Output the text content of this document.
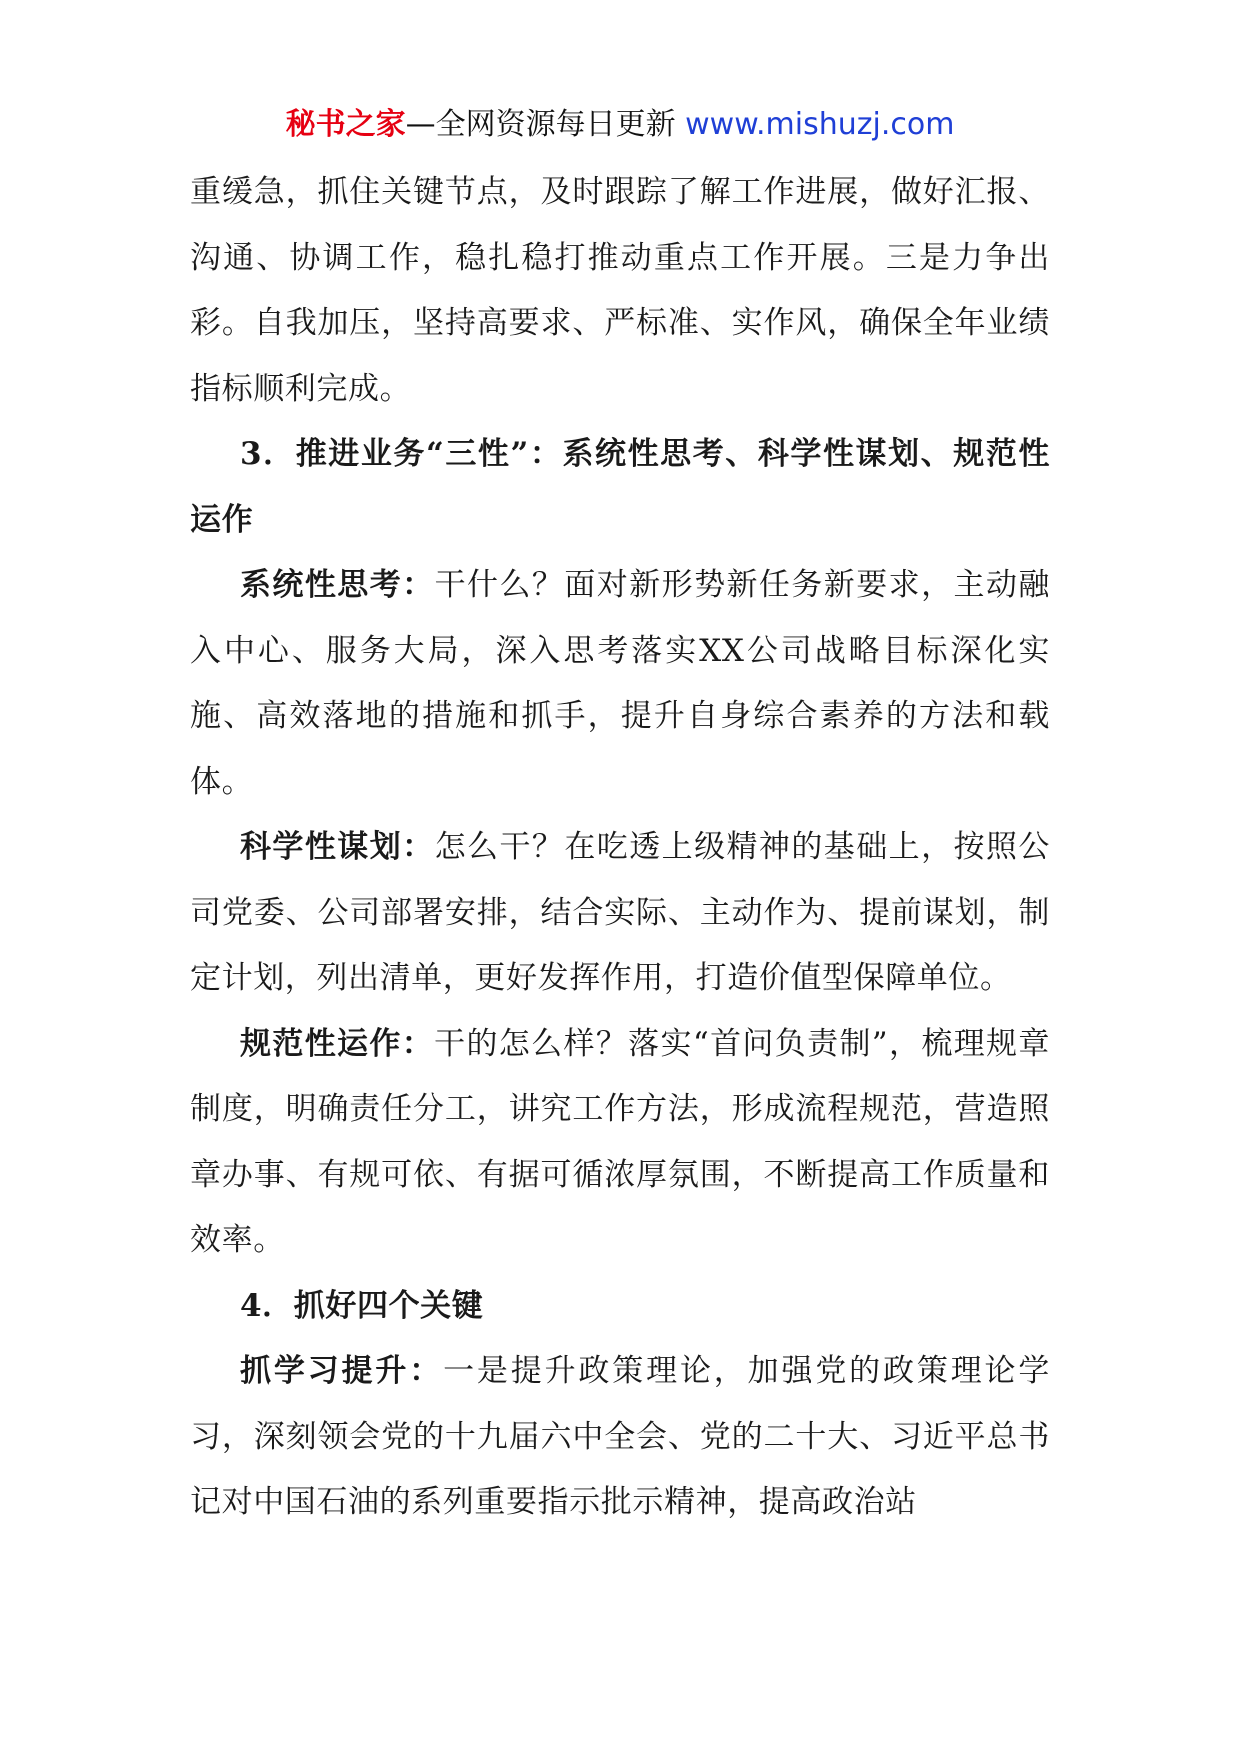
秘书之家—全网资源每日更新 www.mishuzj.com

重缓急，抓住关键节点，及时跟踪了解工作进展，做好汇报、沟通、协调工作，稳扎稳打推动重点工作开展。三是力争出彩。自我加压，坚持高要求、严标准、实作风，确保全年业绩指标顺利完成。

3．推进业务“三性”：系统性思考、科学性谋划、规范性运作

系统性思考：干什么？面对新形势新任务新要求，主动融入中心、服务大局，深入思考落实XX公司战略目标深化实施、高效落地的措施和抓手，提升自身综合素养的方法和载体。

科学性谋划：怎么干？在吃透上级精神的基础上，按照公司党委、公司部署安排，结合实际、主动作为、提前谋划，制定计划，列出清单，更好发挥作用，打造价值型保障单位。

规范性运作：干的怎么样？落实“首问负责制”，梳理规章制度，明确责任分工，讲究工作方法，形成流程规范，营造照章办事、有规可依、有据可循浓厚氛围，不断提高工作质量和效率。

4．抓好四个关键

抓学习提升：一是提升政策理论，加强党的政策理论学习，深刻领会党的十九届六中全会、党的二十大、习近平总书记对中国石油的系列重要指示批示精神，提高政治站
